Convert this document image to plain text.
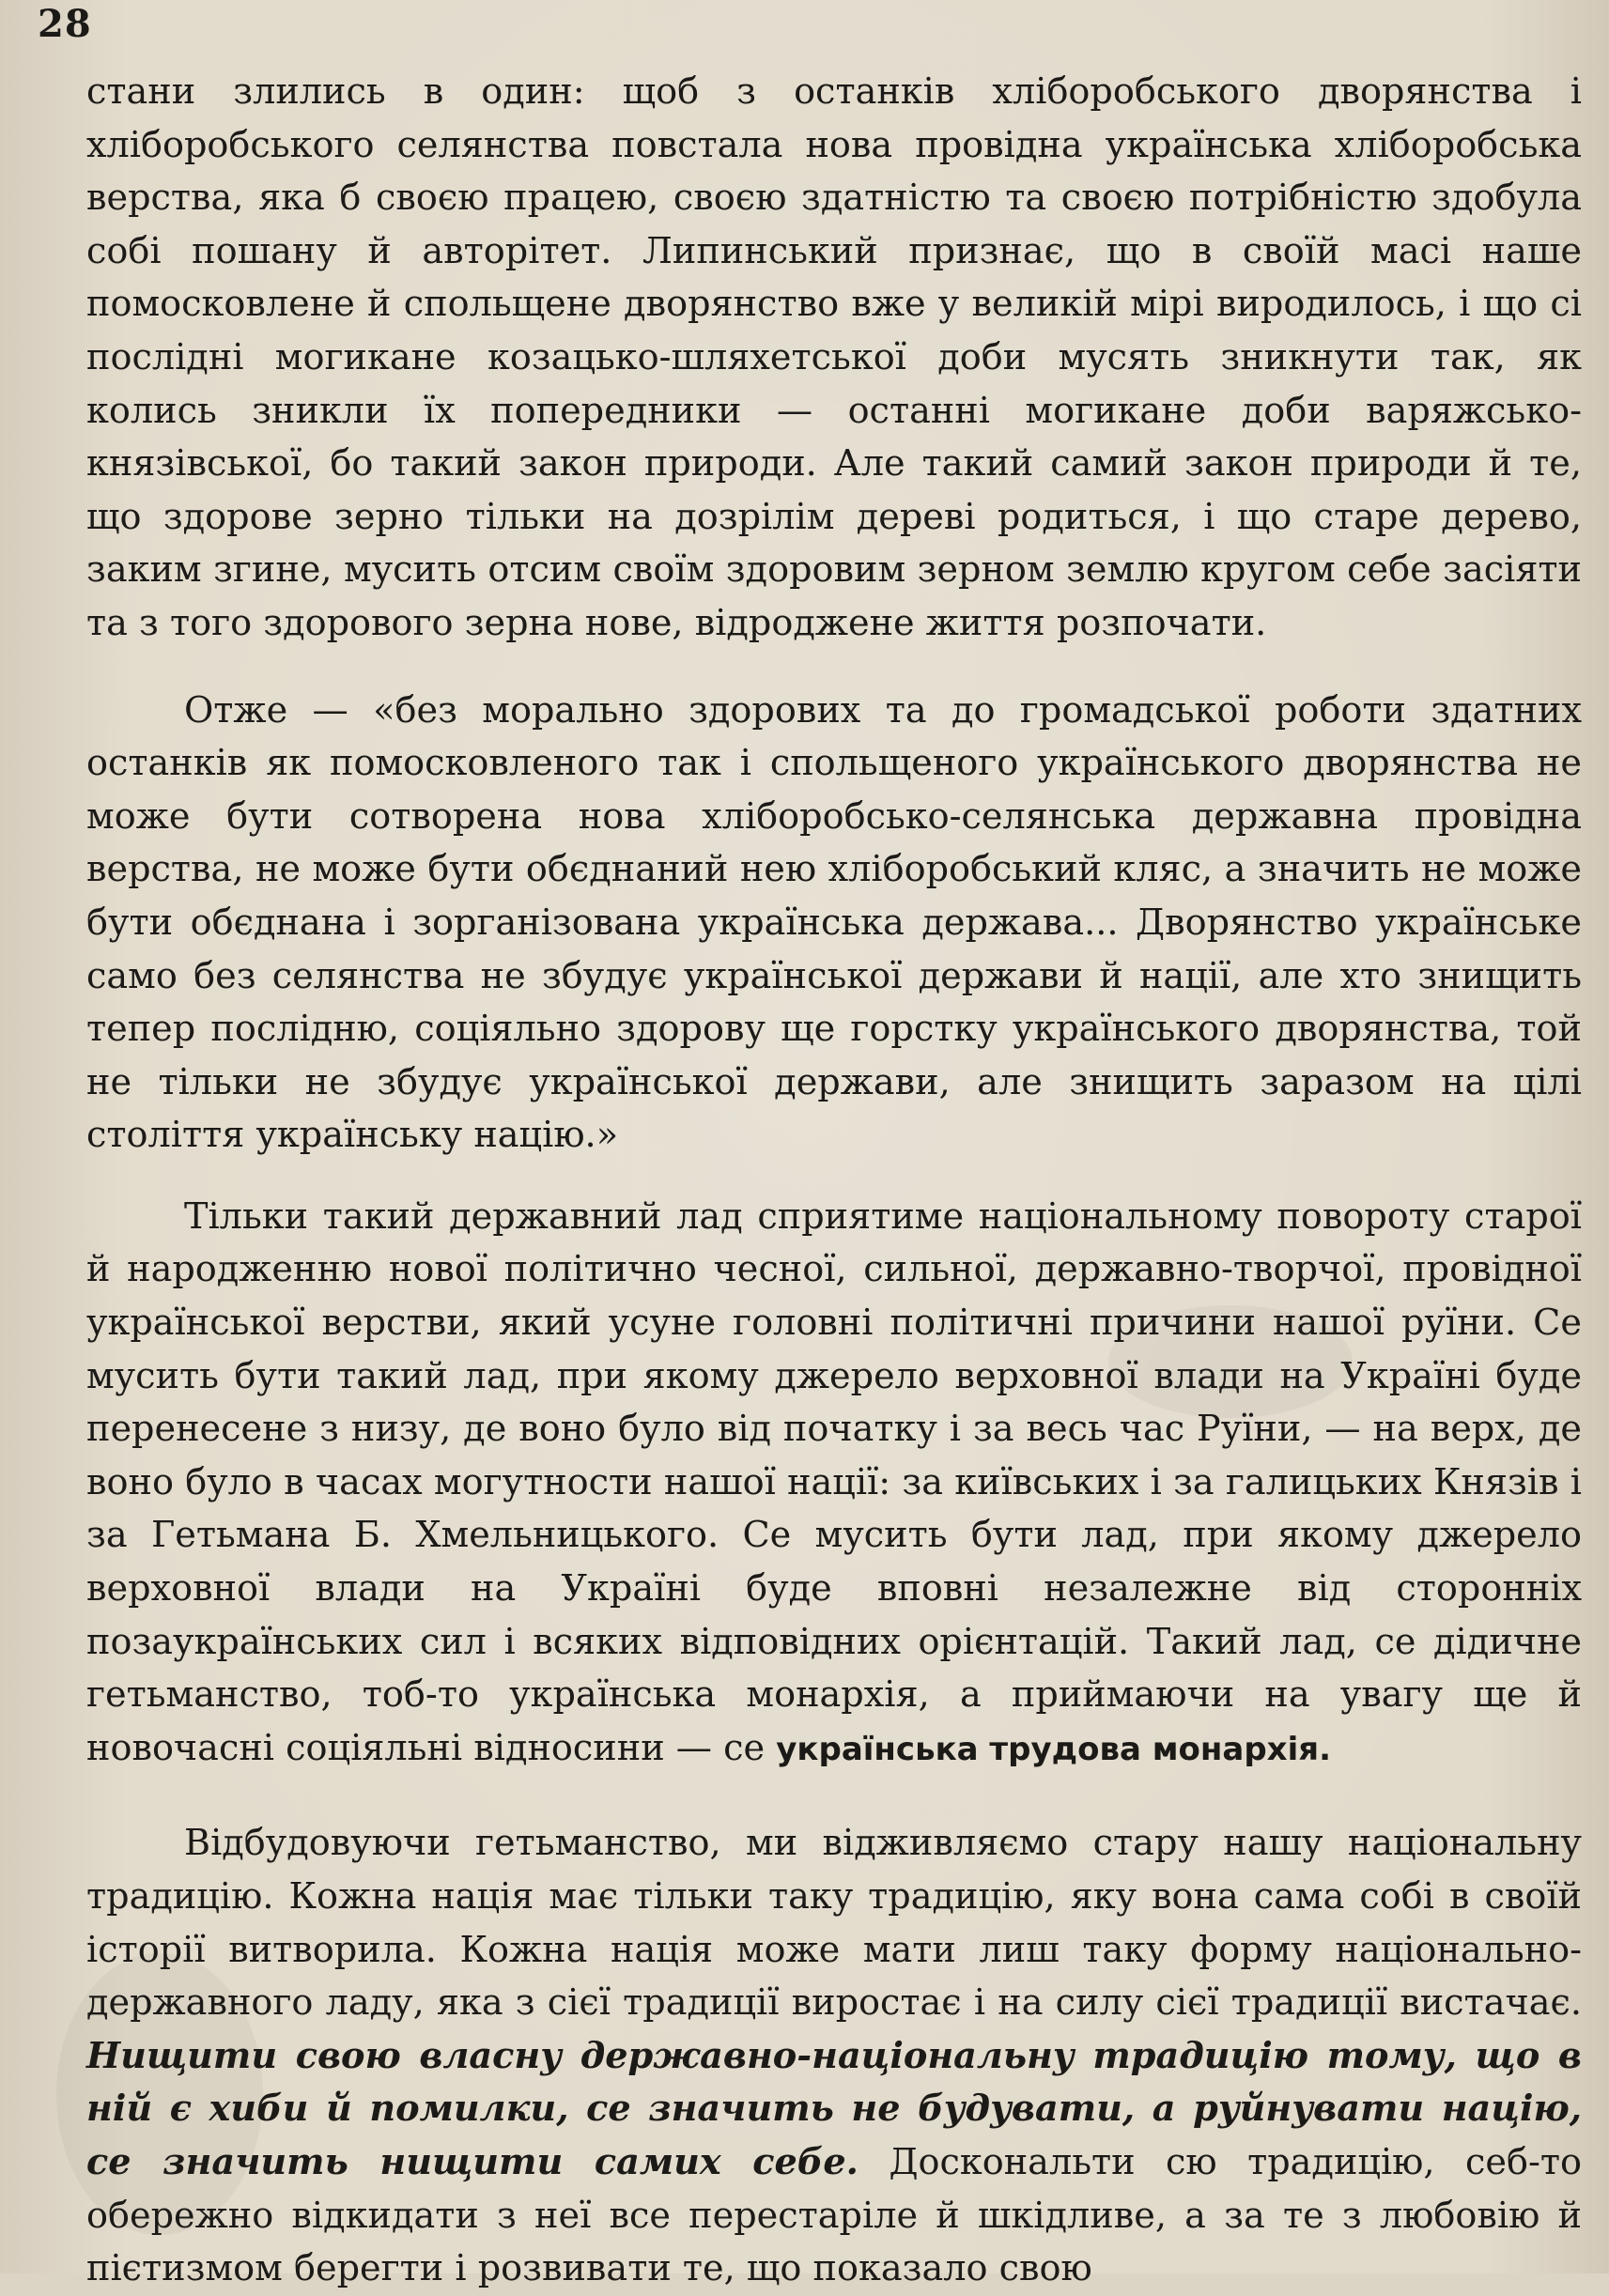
28

стани злились в один: щоб з останків хліборобського дворянства і хліборобського селянства повстала нова провідна українська хліборобська верства, яка б своєю працею, своєю здатністю та своєю потрібністю здобула собі пошану й авторітет. Липинський признає, що в своїй масі наше помосковлене й спольщене дворянство вже у великій мірі виродилось, і що сі послідні могикане козацько-шляхетської доби мусять зникнути так, як колись зникли їх попередники — останні могикане доби варяжсько-князівської, бо такий закон природи. Але такий самий закон природи й те, що здорове зерно тільки на дозрілім дереві родиться, і що старе дерево, заким згине, мусить отсим своїм здоровим зерном землю кругом себе засіяти та з того здорового зерна нове, відроджене життя розпочати.

Отже — «без морально здорових та до громадської роботи здатних останків як помосковленого так і спольщеного українського дворянства не може бути сотворена нова хліборобсько-селянська державна провідна верства, не може бути обєднаний нею хліборобський кляс, а значить не може бути обєднана і зорганізована українська держава... Дворянство українське само без селянства не збудує української держави й нації, але хто знищить тепер послідню, соціяльно здорову ще горстку українського дворянства, той не тільки не збудує української держави, але знищить заразом на цілі століття українську націю.»

Тільки такий державний лад сприятиме національному повороту старої й народженню нової політично чесної, сильної, державно-творчої, провідної української верстви, який усуне головні політичні причини нашої руїни. Се мусить бути такий лад, при якому джерело верховної влади на Україні буде перенесене з низу, де воно було від початку і за весь час Руїни, — на верх, де воно було в часах могутности нашої нації: за київських і за галицьких Князів і за Гетьмана Б. Хмельницького. Се мусить бути лад, при якому джерело верховної влади на Україні буде вповні незалежне від сторонніх позаукраїнських сил і всяких відповідних орієнтацій. Такий лад, се дідичне гетьманство, тоб-то українська монархія, а приймаючи на увагу ще й новочасні соціяльні відносини — се українська трудова монархія.

Відбудовуючи гетьманство, ми відживляємо стару нашу національну традицію. Кожна нація має тільки таку традицію, яку вона сама собі в своїй історії витворила. Кожна нація може мати лиш таку форму національно-державного ладу, яка з сієї традиції виростає і на силу сієї традиції вистачає. Нищити свою власну державно-національну традицію тому, що в ній є хиби й помилки, се значить не будувати, а руйнувати націю, се значить нищити самих себе. Доскональти сю традицію, себ-то обережно відкидати з неї все перестаріле й шкідливе, а за те з любовію й пієтизмом берегти і розвивати те, що показало свою
